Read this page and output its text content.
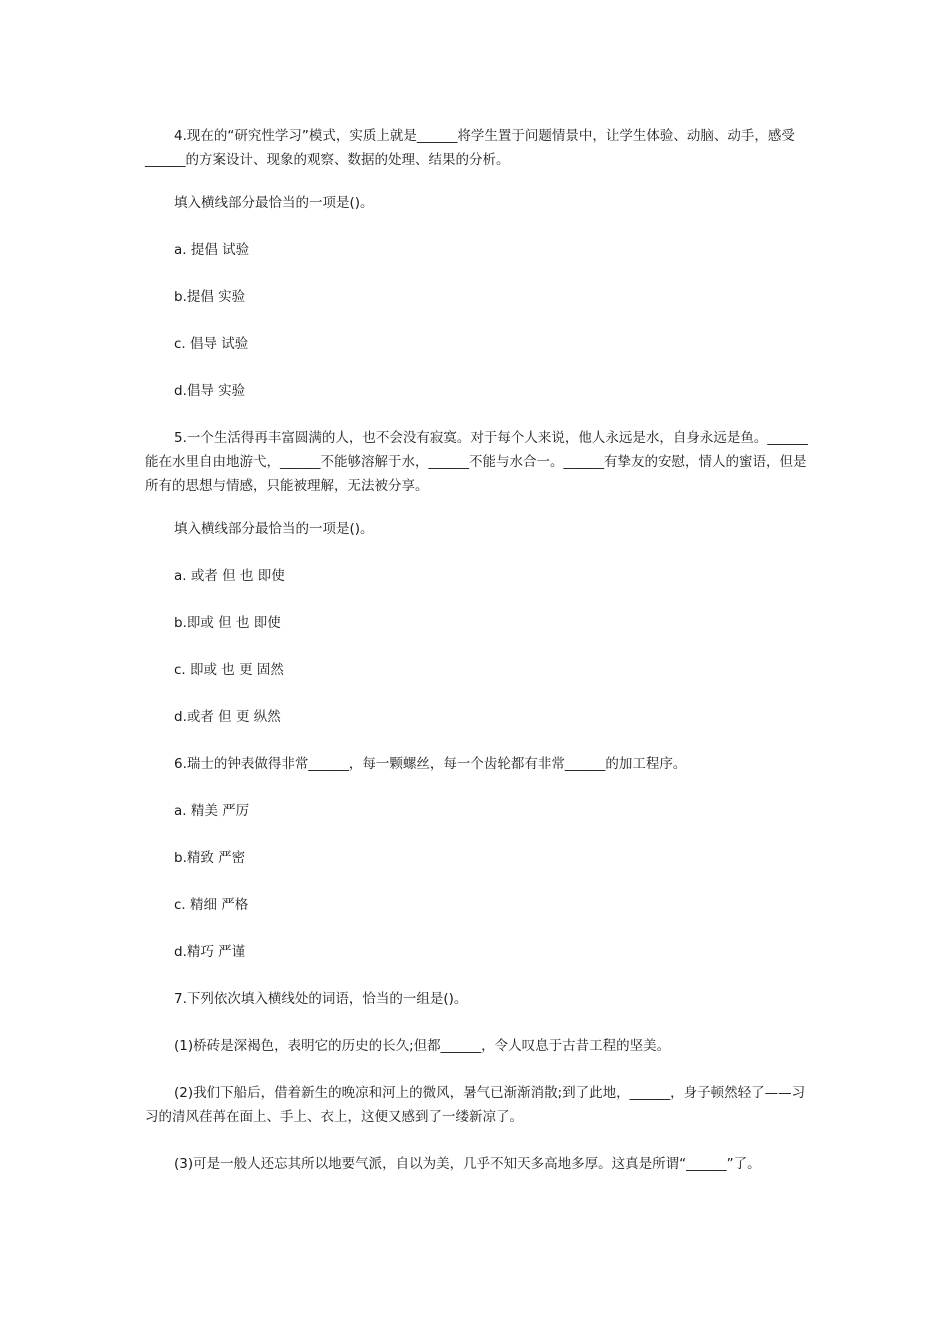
4.现在的“研究性学习”模式，实质上就是______将学生置于问题情景中，让学生体验、动脑、动手，感受______的方案设计、现象的观察、数据的处理、结果的分析。

填入横线部分最恰当的一项是()。

a. 提倡 试验

b.提倡 实验

c. 倡导 试验

d.倡导 实验

5.一个生活得再丰富圆满的人，也不会没有寂寞。对于每个人来说，他人永远是水，自身永远是鱼。______能在水里自由地游弋，______不能够溶解于水，______不能与水合一。______有挚友的安慰，情人的蜜语，但是所有的思想与情感，只能被理解，无法被分享。

填入横线部分最恰当的一项是()。

a. 或者 但 也 即使

b.即或 但 也 即使

c. 即或 也 更 固然

d.或者 但 更 纵然

6.瑞士的钟表做得非常______，每一颗螺丝，每一个齿轮都有非常______的加工程序。

a. 精美 严厉

b.精致 严密

c. 精细 严格

d.精巧 严谨

7.下列依次填入横线处的词语，恰当的一组是()。

(1)桥砖是深褐色，表明它的历史的长久;但都______，令人叹息于古昔工程的坚美。

(2)我们下船后，借着新生的晚凉和河上的微风，暑气已渐渐消散;到了此地，______，身子顿然轻了——习习的清风荏苒在面上、手上、衣上，这便又感到了一缕新凉了。

(3)可是一般人还忘其所以地要气派，自以为美，几乎不知天多高地多厚。这真是所谓“______”了。
